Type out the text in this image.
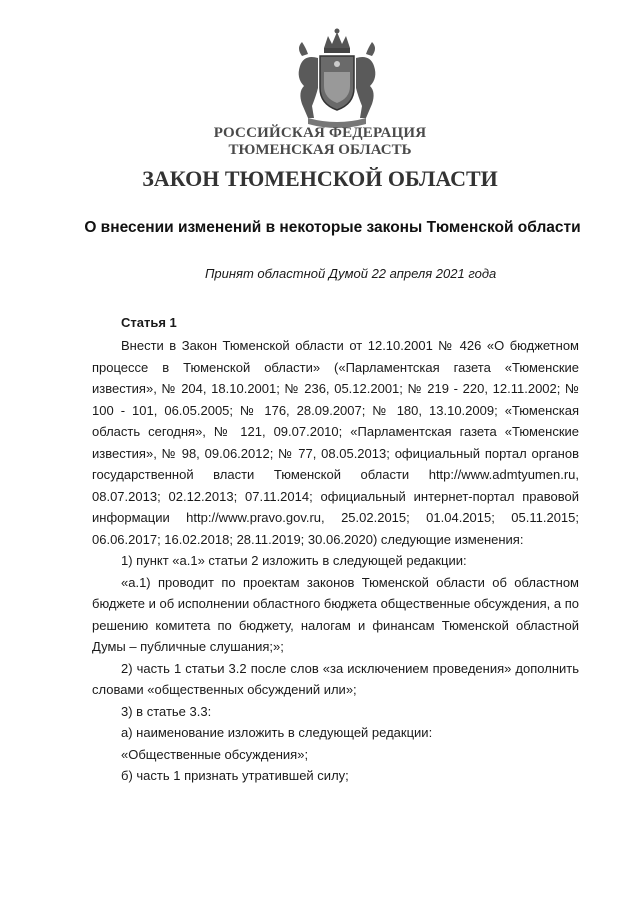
РОССИЙСКАЯ ФЕДЕРАЦИЯ
ТЮМЕНСКАЯ ОБЛАСТЬ
ЗАКОН ТЮМЕНСКОЙ ОБЛАСТИ
О внесении изменений в некоторые законы Тюменской области
Принят областной Думой 22 апреля 2021 года
Статья 1

Внести в Закон Тюменской области от 12.10.2001 № 426 «О бюджетном процессе в Тюменской области» («Парламентская газета «Тюменские известия», № 204, 18.10.2001; № 236, 05.12.2001; № 219 - 220, 12.11.2002; № 100 - 101, 06.05.2005; № 176, 28.09.2007; № 180, 13.10.2009; «Тюменская область сегодня», № 121, 09.07.2010; «Парламентская газета «Тюменские известия», № 98, 09.06.2012; № 77, 08.05.2013; официальный портал органов государственной власти Тюменской области http://www.admtyumen.ru, 08.07.2013; 02.12.2013; 07.11.2014; официальный интернет-портал правовой информации http://www.pravo.gov.ru, 25.02.2015; 01.04.2015; 05.11.2015; 06.06.2017; 16.02.2018; 28.11.2019; 30.06.2020) следующие изменения:

1) пункт «а.1» статьи 2 изложить в следующей редакции:

«а.1) проводит по проектам законов Тюменской области об областном бюджете и об исполнении областного бюджета общественные обсуждения, а по решению комитета по бюджету, налогам и финансам Тюменской областной Думы – публичные слушания;»;

2) часть 1 статьи 3.2 после слов «за исключением проведения» дополнить словами «общественных обсуждений или»;

3) в статье 3.3:

а) наименование изложить в следующей редакции:

«Общественные обсуждения»;

б) часть 1 признать утратившей силу;
